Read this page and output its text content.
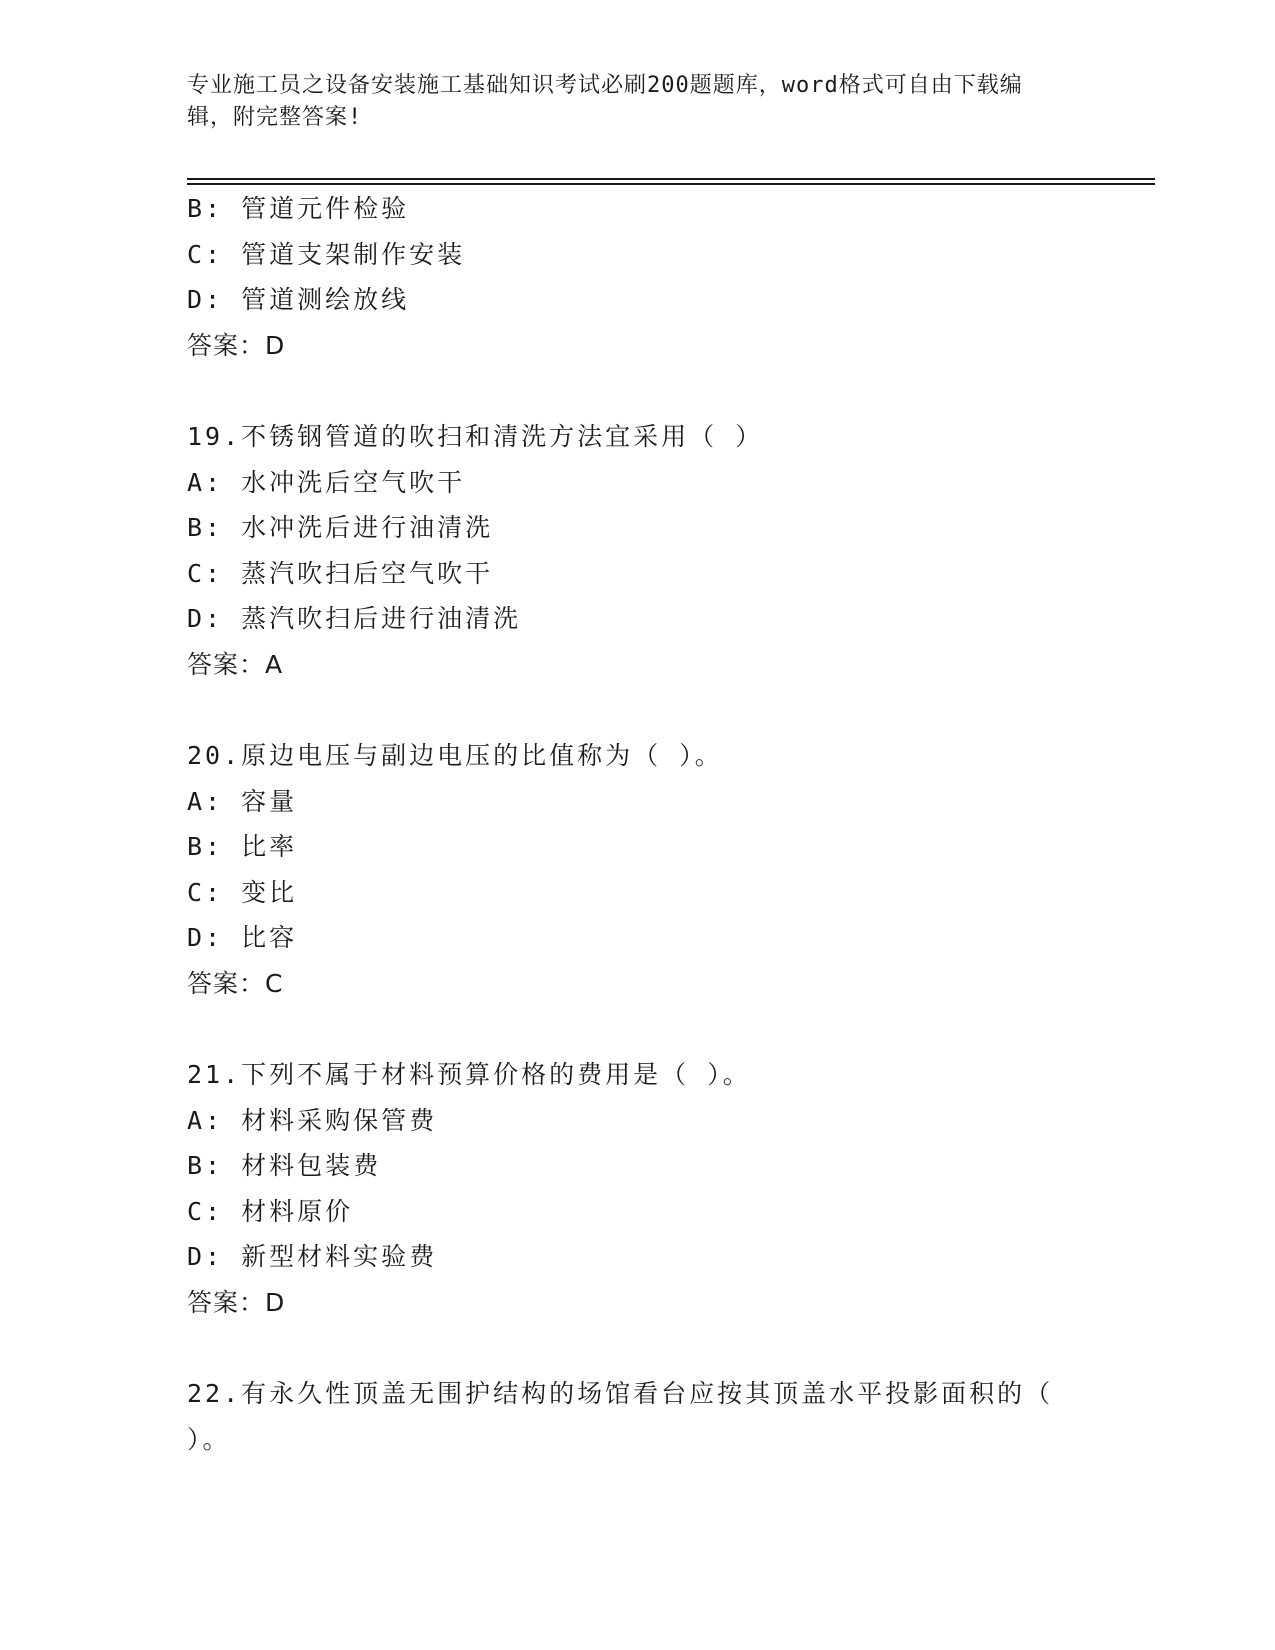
专业施工员之设备安装施工基础知识考试必刷200题题库，word格式可自由下载编辑，附完整答案!
B: 管道元件检验
C: 管道支架制作安装
D: 管道测绘放线
答案：D
19.不锈钢管道的吹扫和清洗方法宜采用（ ）
A: 水冲洗后空气吹干
B: 水冲洗后进行油清洗
C: 蒸汽吹扫后空气吹干
D: 蒸汽吹扫后进行油清洗
答案：A
20.原边电压与副边电压的比值称为（ ）。
A: 容量
B: 比率
C: 变比
D: 比容
答案：C
21.下列不属于材料预算价格的费用是（ ）。
A: 材料采购保管费
B: 材料包装费
C: 材料原价
D: 新型材料实验费
答案：D
22.有永久性顶盖无围护结构的场馆看台应按其顶盖水平投影面积的（ ）。
